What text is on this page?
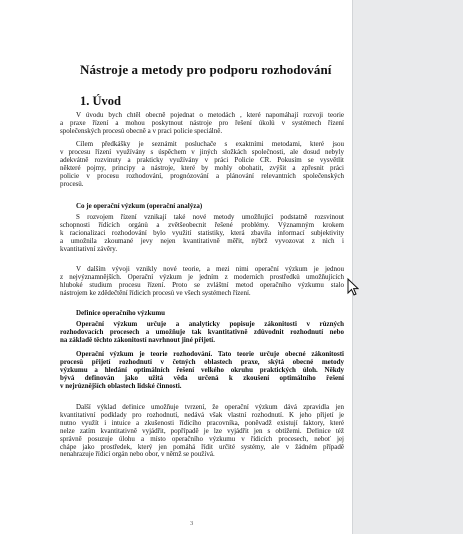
Nástroje a metody pro podporu rozhodování
1. Úvod
V úvodu bych chtěl obecně pojednat o metodách , které napomáhají rozvoji teorie
a praxe řízení a mohou poskytnout nástroje pro řešení úkolů v systémech řízení
společenských procesů obecně a v praci policie speciálně.
Cílem předkášky je seznámit posluchače s exaktními metodami, které jsou
v procesu řízení využívány s úspěchem v jiných složkách společnosti, ale dosud nebyly
adekvátně rozvinuty a prakticky využívány v práci Policie ČR. Pokusím se vysvětlit
některé pojmy, principy a nástroje, které by mohly obohatit, zvýšit a zpřesnit práci
policie v procesu rozhodování, prognózování a plánování relevantních společenských
procesů.
Co je operační výzkum (operační analýza)
S rozvojem řízení vznikají také nové metody umožňující podstatně rozsvinout
schopnosti řídících orgánů a zvětšeobecnit řešené problémy. Významným krokem
k racionalizaci rozhodování bylo využití statistiky, která zbavila informací subjektivity
a umožnila zkoumané jevy nejen kvantitativně měřit, nýbrž vyvozovat z nich i
kvantitativní závěry.
V dalším vývoji vznikly nové teorie, a mezi nimi operační výzkum je jednou
z nejvýznamnějších. Operační výzkum je jedním z moderních prostředků umožňujících
hluboké studium procesu řízení. Proto se zvláštní metod operačního výzkumu stalo
nástrojem ke zdědečtění řídicích procesů ve všech systémech řízení.
Definice operačního výzkumu
Operační výzkum určuje a analyticky popisuje zákonitosti v různých
rozhodovacích procesech a umožňuje tak kvantitativně zdůvodnit rozhodnutí nebo
na základě těchto zákonitostí navrhnout jiné přijetí.
Operační výzkum je teorie rozhodování. Tato teorie určuje obecné zákonitosti
procesů přijetí rozhodnutí v četných oblastech praxe, skýtá obecné metody
výzkumu a hledání optimálních řešení velkého okruhu praktických úloh. Někdy
bývá definován jako užitá věda určená k zkoušení optimálního řešení
v nejrůznějších oblastech lidské činnosti.
Další výklad definice umožňuje tvrzení, že operační výzkum dává zpravidla jen
kvantitativní podklady pro rozhodnutí, nedává však vlastní rozhodnutí. K jeho přijetí je
nutno využít i intuice a zkušenosti řídícího pracovníka, poněvadž existují faktory, které
nelze zatím kvantitativně vyjádřit, popřípadě je lze vyjádřit jen s obtížemi. Definice též
správně posuzuje úlohu a místo operačního výzkumu v řídicích procesech, neboť jej
chápe jako prostředek, který jen pomáhá řídit určité systémy, ale v žádném případě
nenahrazuje řídicí orgán nebo obor, v němž se používá.
3
